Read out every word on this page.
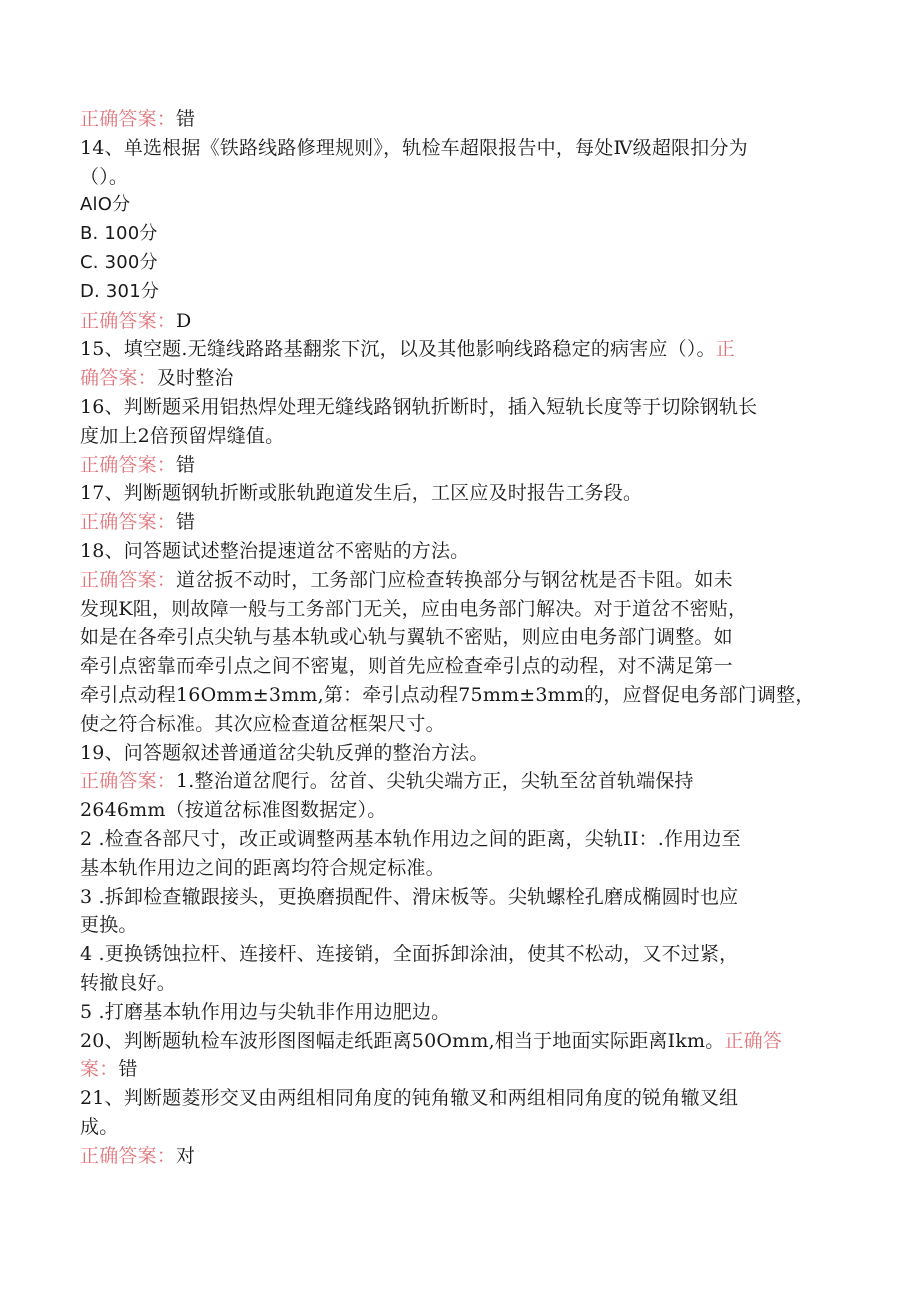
正确答案：错
14、单选根据《铁路线路修理规则》，轨检车超限报告中，每处Ⅳ级超限扣分为
（）。
AlO分
B. 100分
C. 300分
D. 301分
正确答案：D
15、填空题.无缝线路路基翻浆下沉，以及其他影响线路稳定的病害应（）。正
确答案：及时整治
16、判断题采用铝热焊处理无缝线路钢轨折断时，插入短轨长度等于切除钢轨长
度加上2倍预留焊缝值。
正确答案：错
17、判断题钢轨折断或胀轨跑道发生后，工区应及时报告工务段。
正确答案：错
18、问答题试述整治提速道岔不密贴的方法。
正确答案：道岔扳不动时，工务部门应检查转换部分与钢岔枕是否卡阻。如未
发现K阻，则故障一般与工务部门无关，应由电务部门解决。对于道岔不密贴，
如是在各牵引点尖轨与基本轨或心轨与翼轨不密贴，则应由电务部门调整。如
牵引点密靠而牵引点之间不密嵬，则首先应检查牵引点的动程，对不满足第一
牵引点动程16Omm±3mm,第：牵引点动程75mm±3mm的，应督促电务部门调整，
使之符合标准。其次应检查道岔框架尺寸。
19、问答题叙述普通道岔尖轨反弹的整治方法。
正确答案：1.整治道岔爬行。岔首、尖轨尖端方正，尖轨至岔首轨端保持
2646mm（按道岔标准图数据定）。
2 .检查各部尺寸，改正或调整两基本轨作用边之间的距离，尖轨II：.作用边至
基本轨作用边之间的距离均符合规定标准。
3 .拆卸检查辙跟接头，更换磨损配件、滑床板等。尖轨螺栓孔磨成椭圆时也应
更换。
4 .更换锈蚀拉杆、连接杆、连接销，全面拆卸涂油，使其不松动，又不过紧，
转撤良好。
5 .打磨基本轨作用边与尖轨非作用边肥边。
20、判断题轨检车波形图图幅走纸距离50Omm,相当于地面实际距离Ikm。正确答
案：错
21、判断题菱形交叉由两组相同角度的钝角辙叉和两组相同角度的锐角辙叉组
成。
正确答案：对
